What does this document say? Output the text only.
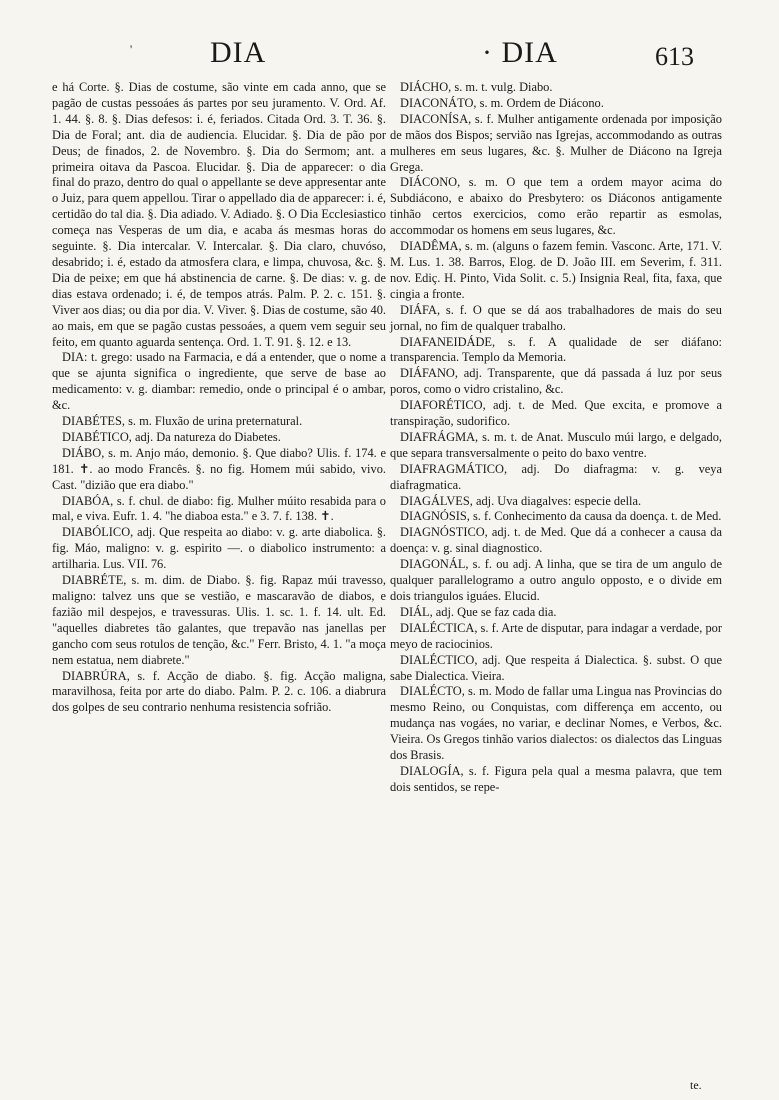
'	DIA	· DIA	613

e há Corte. §. Dias de costume, são vinte em cada anno, que se pagão de custas pessoáes ás partes por seu juramento. V. Ord. Af. 1. 44. §. 8. §. Dias defesos: i. é, feriados. Citada Ord. 3. T. 36. §. Dia de Foral; ant. dia de audiencia. Elucidar. §. Dia de pão por Deus; de finados, 2. de Novembro. §. Dia do Sermom; ant. a primeira oitava da Pascoa. Elucidar. §. Dia de apparecer: o dia final do prazo, dentro do qual o appellante se deve appresentar ante o Juiz, para quem appellou. Tirar o appellado dia de apparecer: i. é, certidão do tal dia. §. Dia adiado. V. Adiado. §. O Dia Ecclesiastico começa nas Vesperas de um dia, e acaba ás mesmas horas do seguinte. §. Dia intercalar. V. Intercalar. §. Dia claro, chuvóso, desabrido; i. é, estado da atmosfera clara, e limpa, chuvosa, &c. §. Dia de peixe; em que há abstinencia de carne. §. De dias: v. g. de dias estava ordenado; i. é, de tempos atrás. Palm. P. 2. c. 151. §. Viver aos dias; ou dia por dia. V. Viver. §. Dias de costume, são 40. ao mais, em que se pagão custas pessoáes, a quem vem seguir seu feito, em quanto aguarda sentença. Ord. 1. T. 91. §. 12. e 13.

DIA: t. grego: usado na Farmacia, e dá a entender, que o nome a que se ajunta significa o ingrediente, que serve de base ao medicamento: v. g. diambar: remedio, onde o principal é o ambar, &c.

DIABÉTES, s. m. Fluxão de urina preternatural.

DIABÉTICO, adj. Da natureza do Diabetes.

DIÁBO, s. m. Anjo máo, demonio. §. Que diabo? Ulis. f. 174. e 181. ✝. ao modo Francês. §. no fig. Homem múi sabido, vivo. Cast. "dizião que era diabo."

DIABÓA, s. f. chul. de diabo: fig. Mulher múito resabida para o mal, e viva. Eufr. 1. 4. "he diaboa esta." e 3. 7. f. 138. ✝.

DIABÓLICO, adj. Que respeita ao diabo: v. g. arte diabolica. §. fig. Máo, maligno: v. g. espirito —. o diabolico instrumento: a artilharia. Lus. VII. 76.

DIABRÉTE, s. m. dim. de Diabo. §. fig. Rapaz múi travesso, maligno: talvez uns que se vestião, e mascaravão de diabos, e fazião mil despejos, e travessuras. Ulis. 1. sc. 1. f. 14. ult. Ed. "aquelles diabretes tão galantes, que trepavão nas janellas per gancho com seus rotulos de tenção, &c." Ferr. Bristo, 4. 1. "a moça nem estatua, nem diabrete."

DIABRÚRA, s. f. Acção de diabo. §. fig. Acção maligna, maravilhosa, feita por arte do diabo. Palm. P. 2. c. 106. a diabrura dos golpes de seu contrario nenhuma resistencia sofrião.

DIÁCHO, s. m. t. vulg. Diabo.

DIACONÁTO, s. m. Ordem de Diácono.

DIACONÍSA, s. f. Mulher antigamente ordenada por imposição de mãos dos Bispos; servião nas Igrejas, accommodando as outras mulheres em seus lugares, &c. §. Mulher de Diácono na Igreja Grega.

DIÁCONO, s. m. O que tem a ordem mayor acima do Subdiácono, e abaixo do Presbytero: os Diáconos antigamente tinhão certos exercicios, como erão repartir as esmolas, accommodar os homens em seus lugares, &c.

DIADÊMA, s. m. (alguns o fazem femin. Vasconc. Arte, 171. V. M. Lus. 1. 38. Barros, Elog. de D. João III. em Severim, f. 311. nov. Ediç. H. Pinto, Vida Solit. c. 5.) Insignia Real, fita, faxa, que cingia a fronte.

DIÁFA, s. f. O que se dá aos trabalhadores de mais do seu jornal, no fim de qualquer trabalho.

DIAFANEIDÁDE, s. f. A qualidade de ser diáfano: transparencia. Templo da Memoria.

DIÁFANO, adj. Transparente, que dá passada á luz por seus poros, como o vidro cristalino, &c.

DIAFORÉTICO, adj. t. de Med. Que excita, e promove a transpiração, sudorifico.

DIAFRÁGMA, s. m. t. de Anat. Musculo múi largo, e delgado, que separa transversalmente o peito do baxo ventre.

DIAFRAGMÁTICO, adj. Do diafragma: v. g. veya diafragmatica.

DIAGÁLVES, adj. Uva diagalves: especie della.

DIAGNÓSIS, s. f. Conhecimento da causa da doença. t. de Med.

DIAGNÓSTICO, adj. t. de Med. Que dá a conhecer a causa da doença: v. g. sinal diagnostico.

DIAGONÁL, s. f. ou adj. A linha, que se tira de um angulo de qualquer parallelogramo a outro angulo opposto, e o divide em dois triangulos iguáes. Elucid.

DIÁL, adj. Que se faz cada dia.

DIALÉCTICA, s. f. Arte de disputar, para indagar a verdade, por meyo de raciocinios.

DIALÉCTICO, adj. Que respeita á Dialectica. §. subst. O que sabe Dialectica. Vieira.

DIALÉCTO, s. m. Modo de fallar uma Lingua nas Provincias do mesmo Reino, ou Conquistas, com differença em accento, ou mudança nas vogáes, no variar, e declinar Nomes, e Verbos, &c. Vieira. Os Gregos tinhão varios dialectos: os dialectos das Linguas dos Brasis.

DIALOGÍA, s. f. Figura pela qual a mesma palavra, que tem dois sentidos, se repe-

te.
